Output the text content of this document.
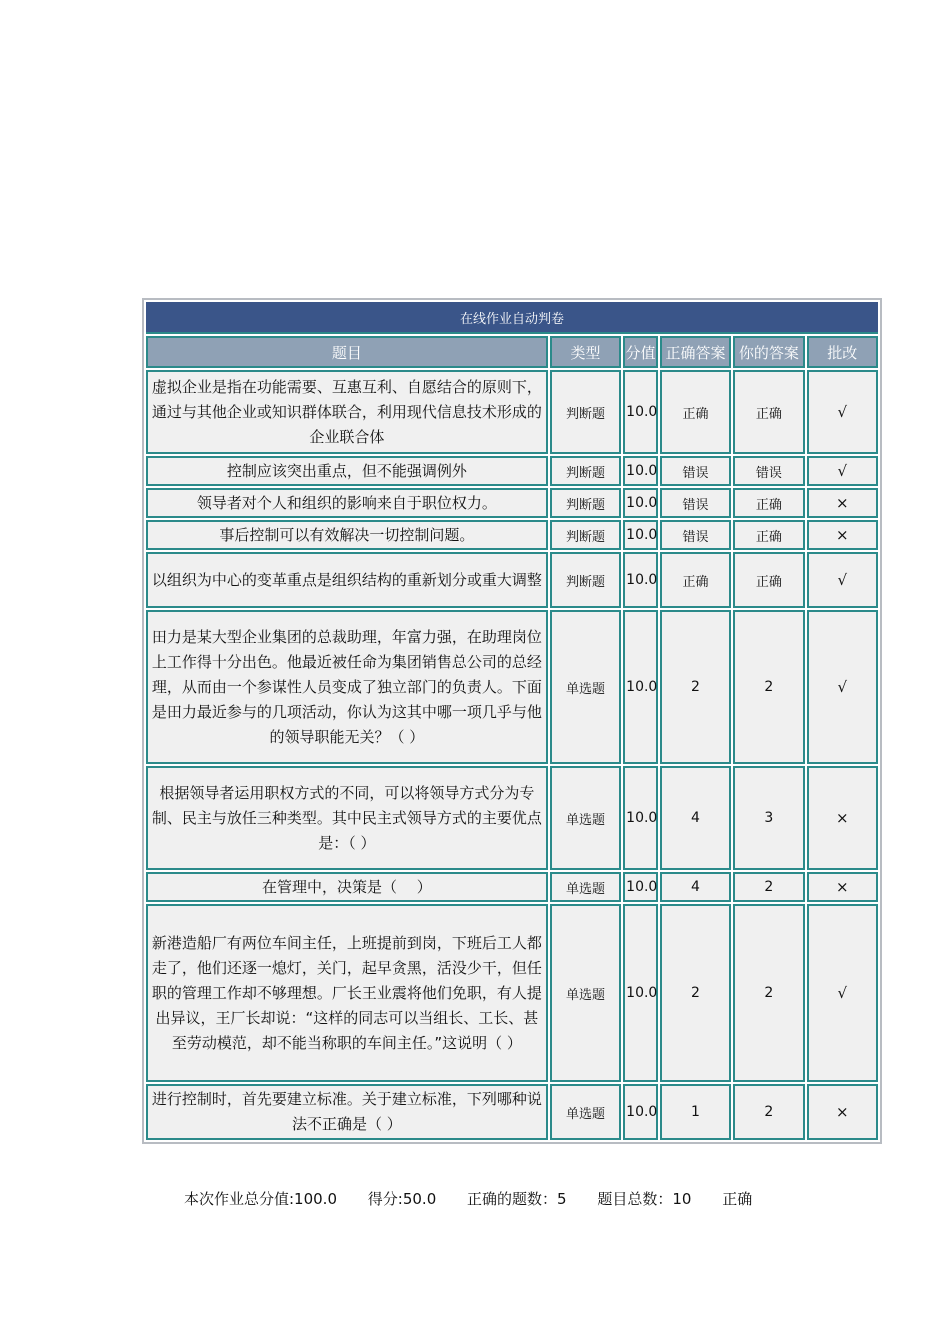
在线作业自动判卷
题目	类型	分值	正确答案	你的答案	批改
虚拟企业是指在功能需要、互惠互利、自愿结合的原则下，通过与其他企业或知识群体联合，利用现代信息技术形成的企业联合体	判断题	10.0	正确	正确	√
控制应该突出重点，但不能强调例外	判断题	10.0	错误	错误	√
领导者对个人和组织的影响来自于职位权力。	判断题	10.0	错误	正确	×
事后控制可以有效解决一切控制问题。	判断题	10.0	错误	正确	×
以组织为中心的变革重点是组织结构的重新划分或重大调整	判断题	10.0	正确	正确	√
田力是某大型企业集团的总裁助理，年富力强，在助理岗位上工作得十分出色。他最近被任命为集团销售总公司的总经理，从而由一个参谋性人员变成了独立部门的负责人。下面是田力最近参与的几项活动，你认为这其中哪一项几乎与他的领导职能无关？（ ）	单选题	10.0	2	2	√
根据领导者运用职权方式的不同，可以将领导方式分为专制、民主与放任三种类型。其中民主式领导方式的主要优点是：（ ）	单选题	10.0	4	3	×
在管理中，决策是（　 ）	单选题	10.0	4	2	×
新港造船厂有两位车间主任，上班提前到岗，下班后工人都走了，他们还逐一熄灯，关门，起早贪黑，活没少干，但任职的管理工作却不够理想。厂长王业震将他们免职，有人提出异议，王厂长却说：“这样的同志可以当组长、工长、甚至劳动模范，却不能当称职的车间主任。”这说明（ ）	单选题	10.0	2	2	√
进行控制时，首先要建立标准。关于建立标准，下列哪种说法不正确是（ ）	单选题	10.0	1	2	×
本次作业总分值:100.0 得分:50.0 正确的题数：5 题目总数：10 正确
